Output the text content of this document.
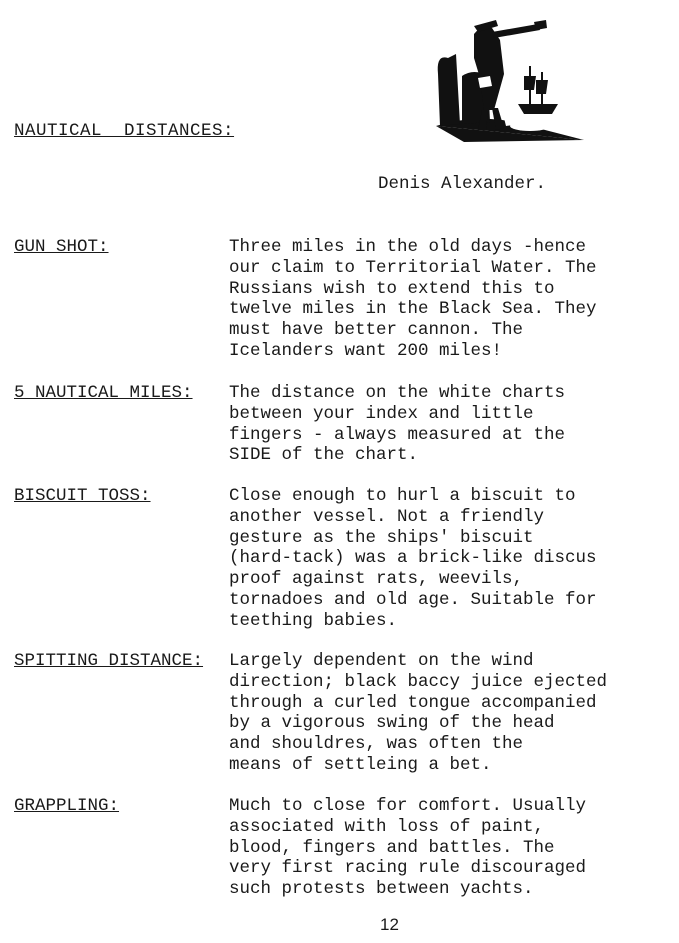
NAUTICAL  DISTANCES:
Denis Alexander.
GUN SHOT:	Three miles in the old days -hence
our claim to Territorial Water. The
Russians wish to extend this to
twelve miles in the Black Sea. They
must have better cannon. The
Icelanders want 200 miles!
5 NAUTICAL MILES: The distance on the white charts
between your index and little
fingers - always measured at the
SIDE of the chart.
BISCUIT TOSS:	Close enough to hurl a biscuit to
another vessel. Not a friendly
gesture as the ships' biscuit
(hard-tack) was a brick-like discus
proof against rats, weevils,
tornadoes and old age. Suitable for
teething babies.
SPITTING DISTANCE: Largely dependent on the wind
direction; black baccy juice ejected
through a curled tongue accompanied
by a vigorous swing of the head
and shouldres, was often the
means of settleing a bet.
GRAPPLING:	Much to close for comfort. Usually
associated with loss of paint,
blood, fingers and battles. The
very first racing rule discouraged
such protests between yachts.
12
